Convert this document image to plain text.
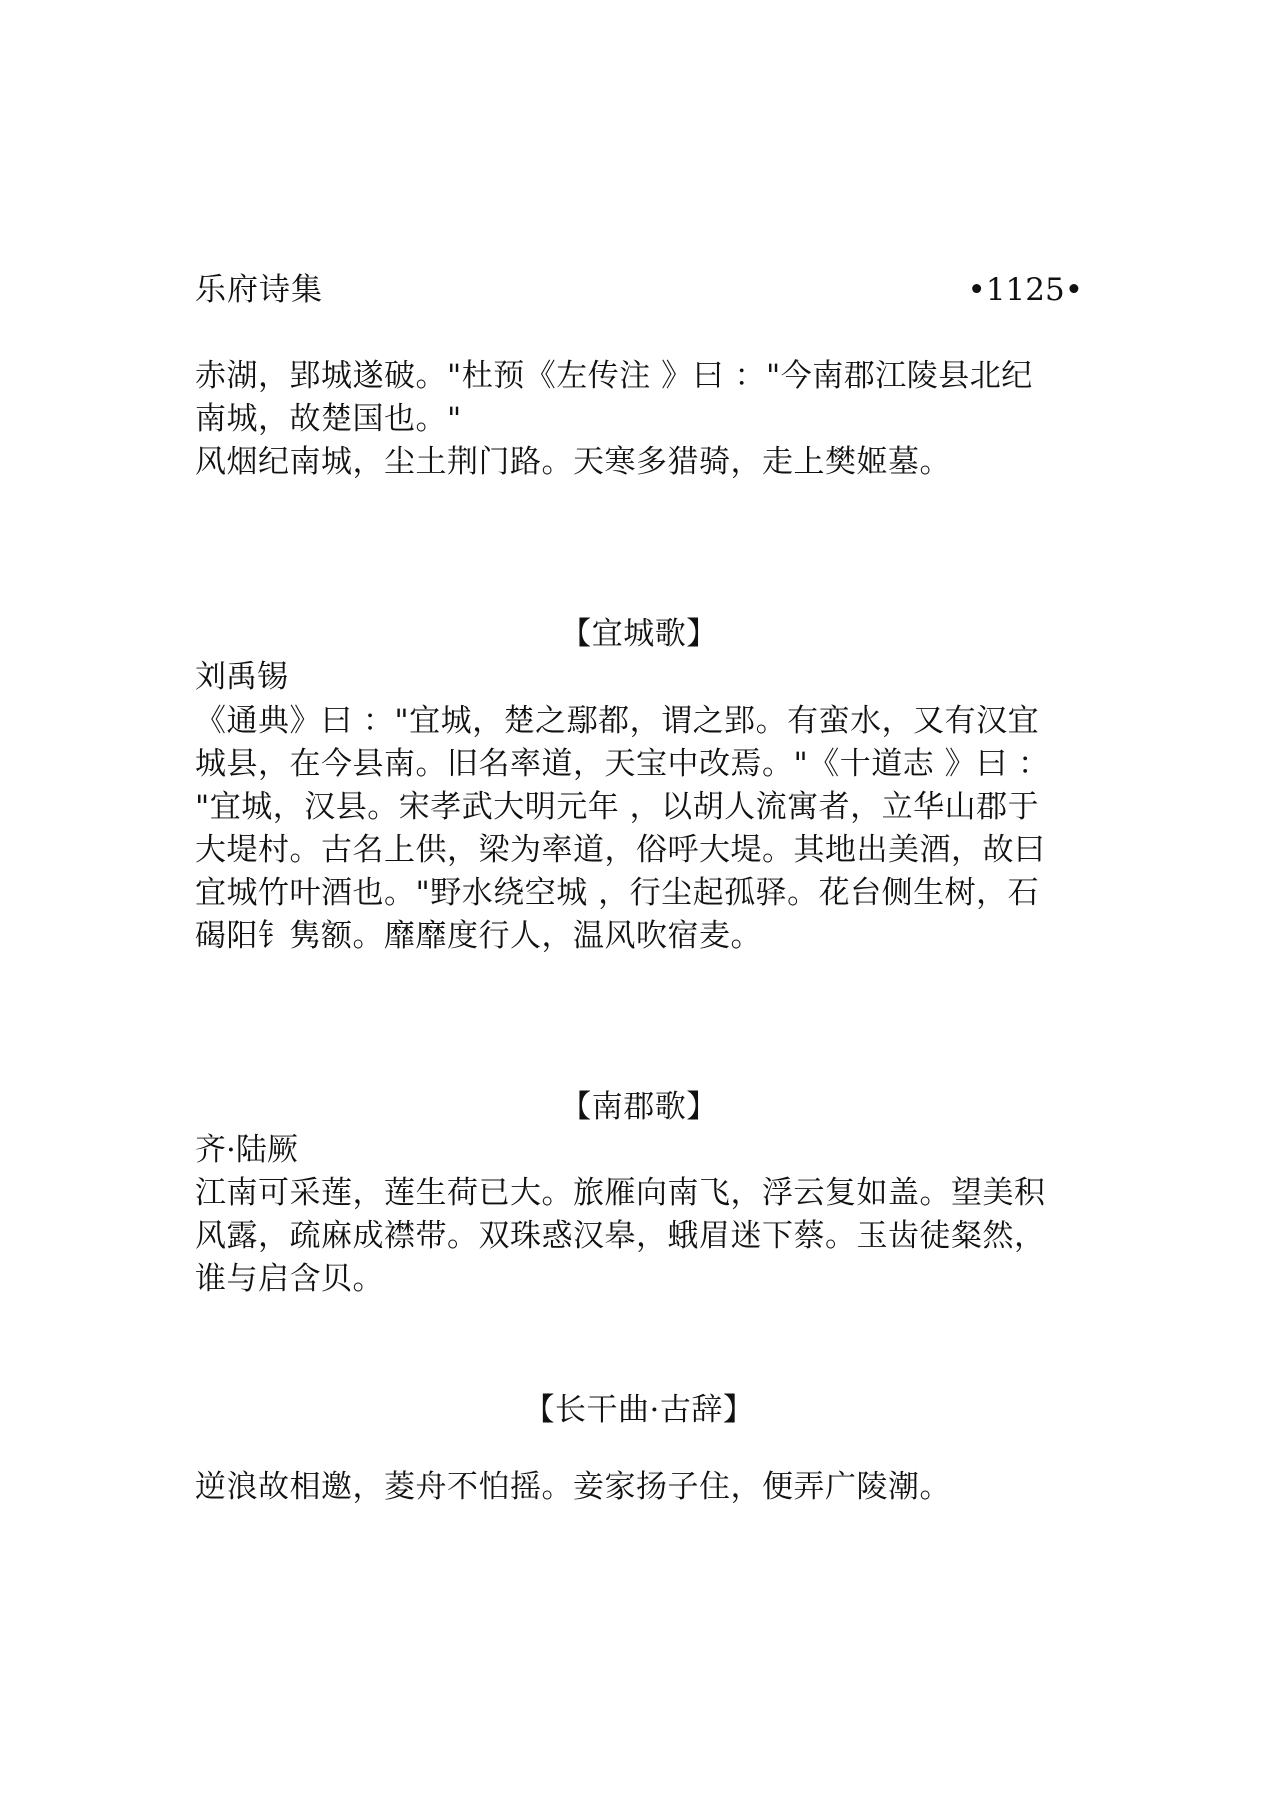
乐府诗集	•1125•
赤湖，郢城遂破。"杜预《左传注 》曰 ："今南郡江陵县北纪
南城，故楚国也。"
风烟纪南城，尘土荆门路。天寒多猎骑，走上樊姬墓。
【宜城歌】
刘禹锡
《通典》曰 ："宜城，楚之鄢都，谓之郢。有蛮水，又有汉宜
城县，在今县南。旧名率道，天宝中改焉。"《十道志 》曰 ：
"宜城，汉县。宋孝武大明元年 ，以胡人流寓者，立华山郡于
大堤村。古名上供，梁为率道，俗呼大堤。其地出美酒，故曰
宜城竹叶酒也。"野水绕空城 ，行尘起孤驿。花台侧生树，石
碣阳钅隽额。靡靡度行人，温风吹宿麦。
【南郡歌】
齐·陆厥
江南可采莲，莲生荷已大。旅雁向南飞，浮云复如盖。望美积
风露，疏麻成襟带。双珠惑汉皋，蛾眉迷下蔡。玉齿徒粲然，
谁与启含贝。
【长干曲·古辞】
逆浪故相邀，菱舟不怕摇。妾家扬子住，便弄广陵潮。
